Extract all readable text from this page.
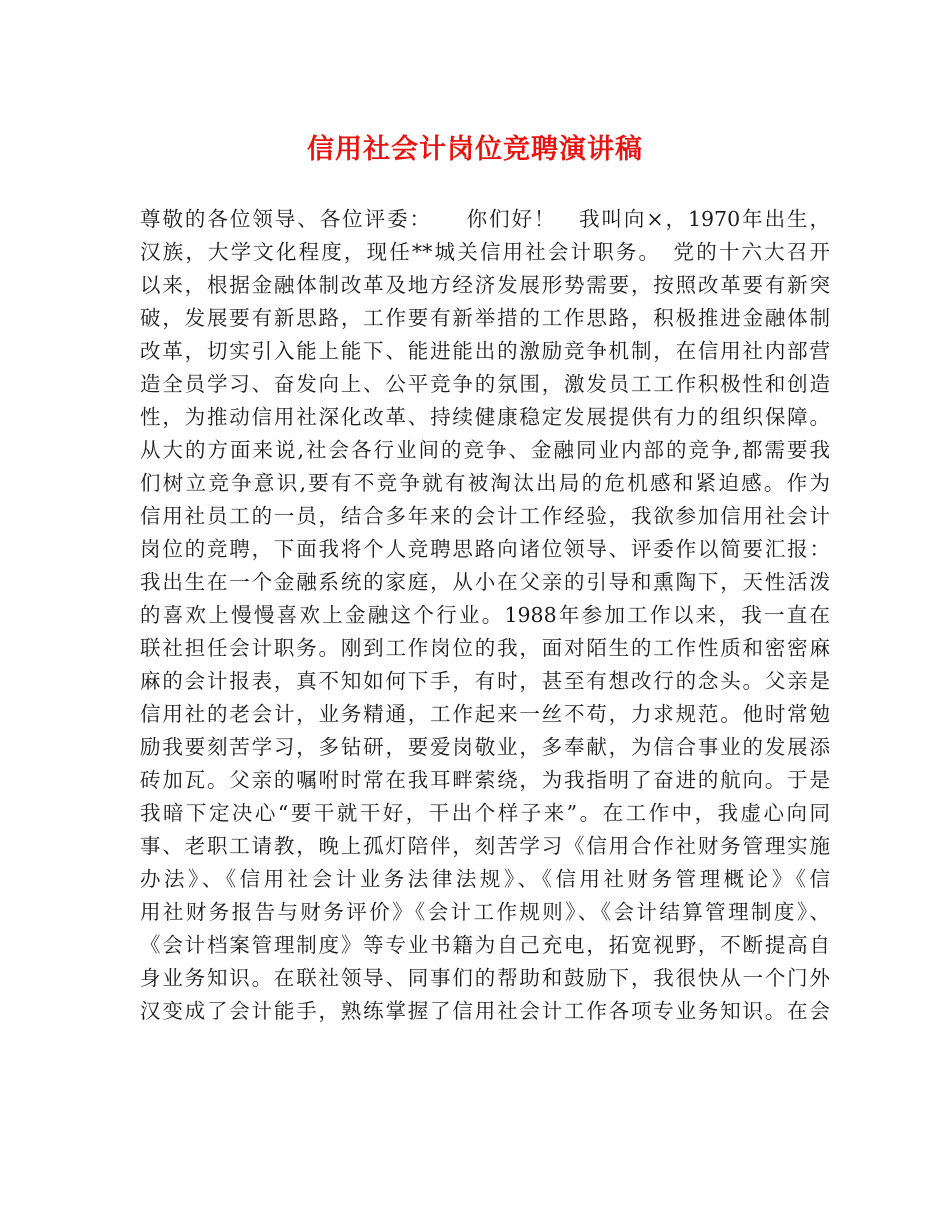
信用社会计岗位竞聘演讲稿
尊敬的各位领导、各位评委：　　你们好！　我叫向×，1970年出生，
汉族，大学文化程度，现任**城关信用社会计职务。　党的十六大召开
以来，根据金融体制改革及地方经济发展形势需要，按照改革要有新突
破，发展要有新思路，工作要有新举措的工作思路，积极推进金融体制
改革，切实引入能上能下、能进能出的激励竞争机制，在信用社内部营
造全员学习、奋发向上、公平竞争的氛围，激发员工工作积极性和创造
性，为推动信用社深化改革、持续健康稳定发展提供有力的组织保障。
从大的方面来说,社会各行业间的竞争、金融同业内部的竞争,都需要我
们树立竞争意识,要有不竞争就有被淘汰出局的危机感和紧迫感。作为
信用社员工的一员，结合多年来的会计工作经验，我欲参加信用社会计
岗位的竞聘，下面我将个人竞聘思路向诸位领导、评委作以简要汇报：
我出生在一个金融系统的家庭，从小在父亲的引导和熏陶下，天性活泼
的喜欢上慢慢喜欢上金融这个行业。1988年参加工作以来，我一直在
联社担任会计职务。刚到工作岗位的我，面对陌生的工作性质和密密麻
麻的会计报表，真不知如何下手，有时，甚至有想改行的念头。父亲是
信用社的老会计，业务精通，工作起来一丝不苟，力求规范。他时常勉
励我要刻苦学习，多钻研，要爱岗敬业，多奉献，为信合事业的发展添
砖加瓦。父亲的嘱咐时常在我耳畔萦绕，为我指明了奋进的航向。于是
我暗下定决心“要干就干好，干出个样子来”。在工作中，我虚心向同
事、老职工请教，晚上孤灯陪伴，刻苦学习《信用合作社财务管理实施
办法》、《信用社会计业务法律法规》、《信用社财务管理概论》《信
用社财务报告与财务评价》《会计工作规则》、《会计结算管理制度》、
《会计档案管理制度》等专业书籍为自己充电，拓宽视野，不断提高自
身业务知识。在联社领导、同事们的帮助和鼓励下，我很快从一个门外
汉变成了会计能手，熟练掌握了信用社会计工作各项专业务知识。在会
